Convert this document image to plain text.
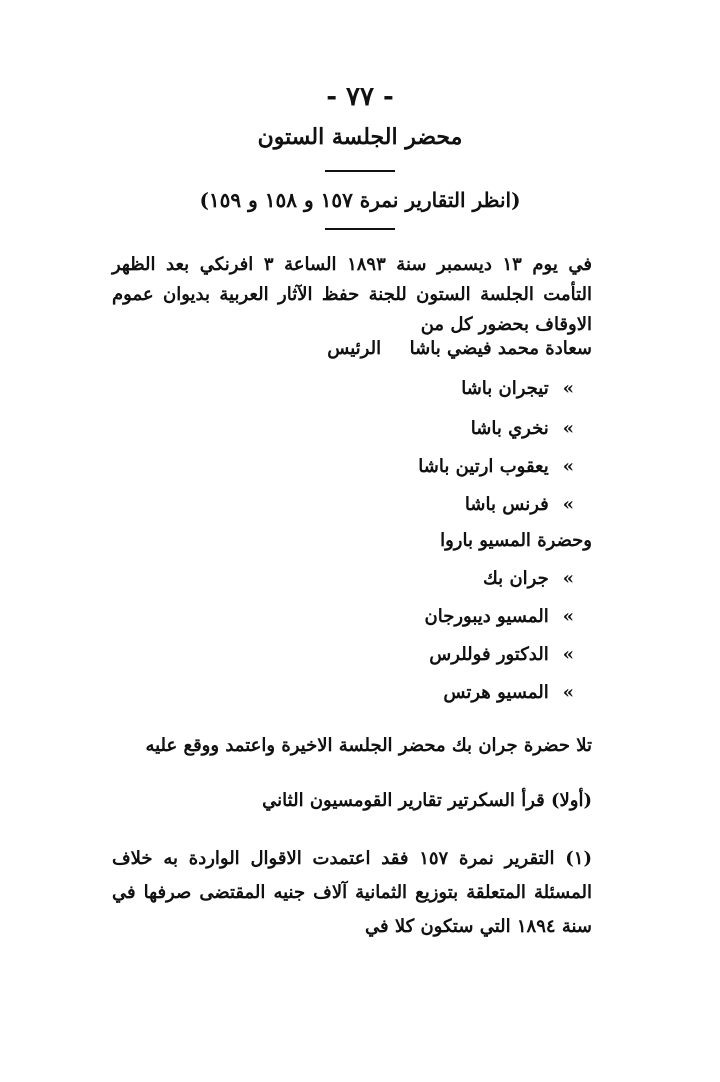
- ٧٧ -
محضر الجلسة الستون
(انظر التقارير نمرة ١٥٧ و ١٥٨ و ١٥٩)
في يوم ١٣ ديسمبر سنة ١٨٩٣ الساعة ٣ افرنكي بعد الظهر التأمت الجلسة الستون للجنة حفظ الآثار العربية بديوان عموم الاوقاف بحضور كل من
سعادة محمد فيضي باشا  الرئيس
»تيجران باشا
»نخري باشا
»يعقوب ارتين باشا
»فرنس باشا
وحضرة المسيو باروا
»جران بك
»المسيو ديبورجان
»الدكتور فوللرس
»المسيو هرتس
تلا حضرة جران بك محضر الجلسة الاخيرة واعتمد ووقع عليه
(أولا) قرأ السكرتير تقارير القومسيون الثاني
(١) التقرير نمرة ١٥٧ فقد اعتمدت الاقوال الواردة به خلاف المسئلة المتعلقة بتوزيع الثمانية آلاف جنيه المقتضى صرفها في سنة ١٨٩٤ التي ستكون كلا في
